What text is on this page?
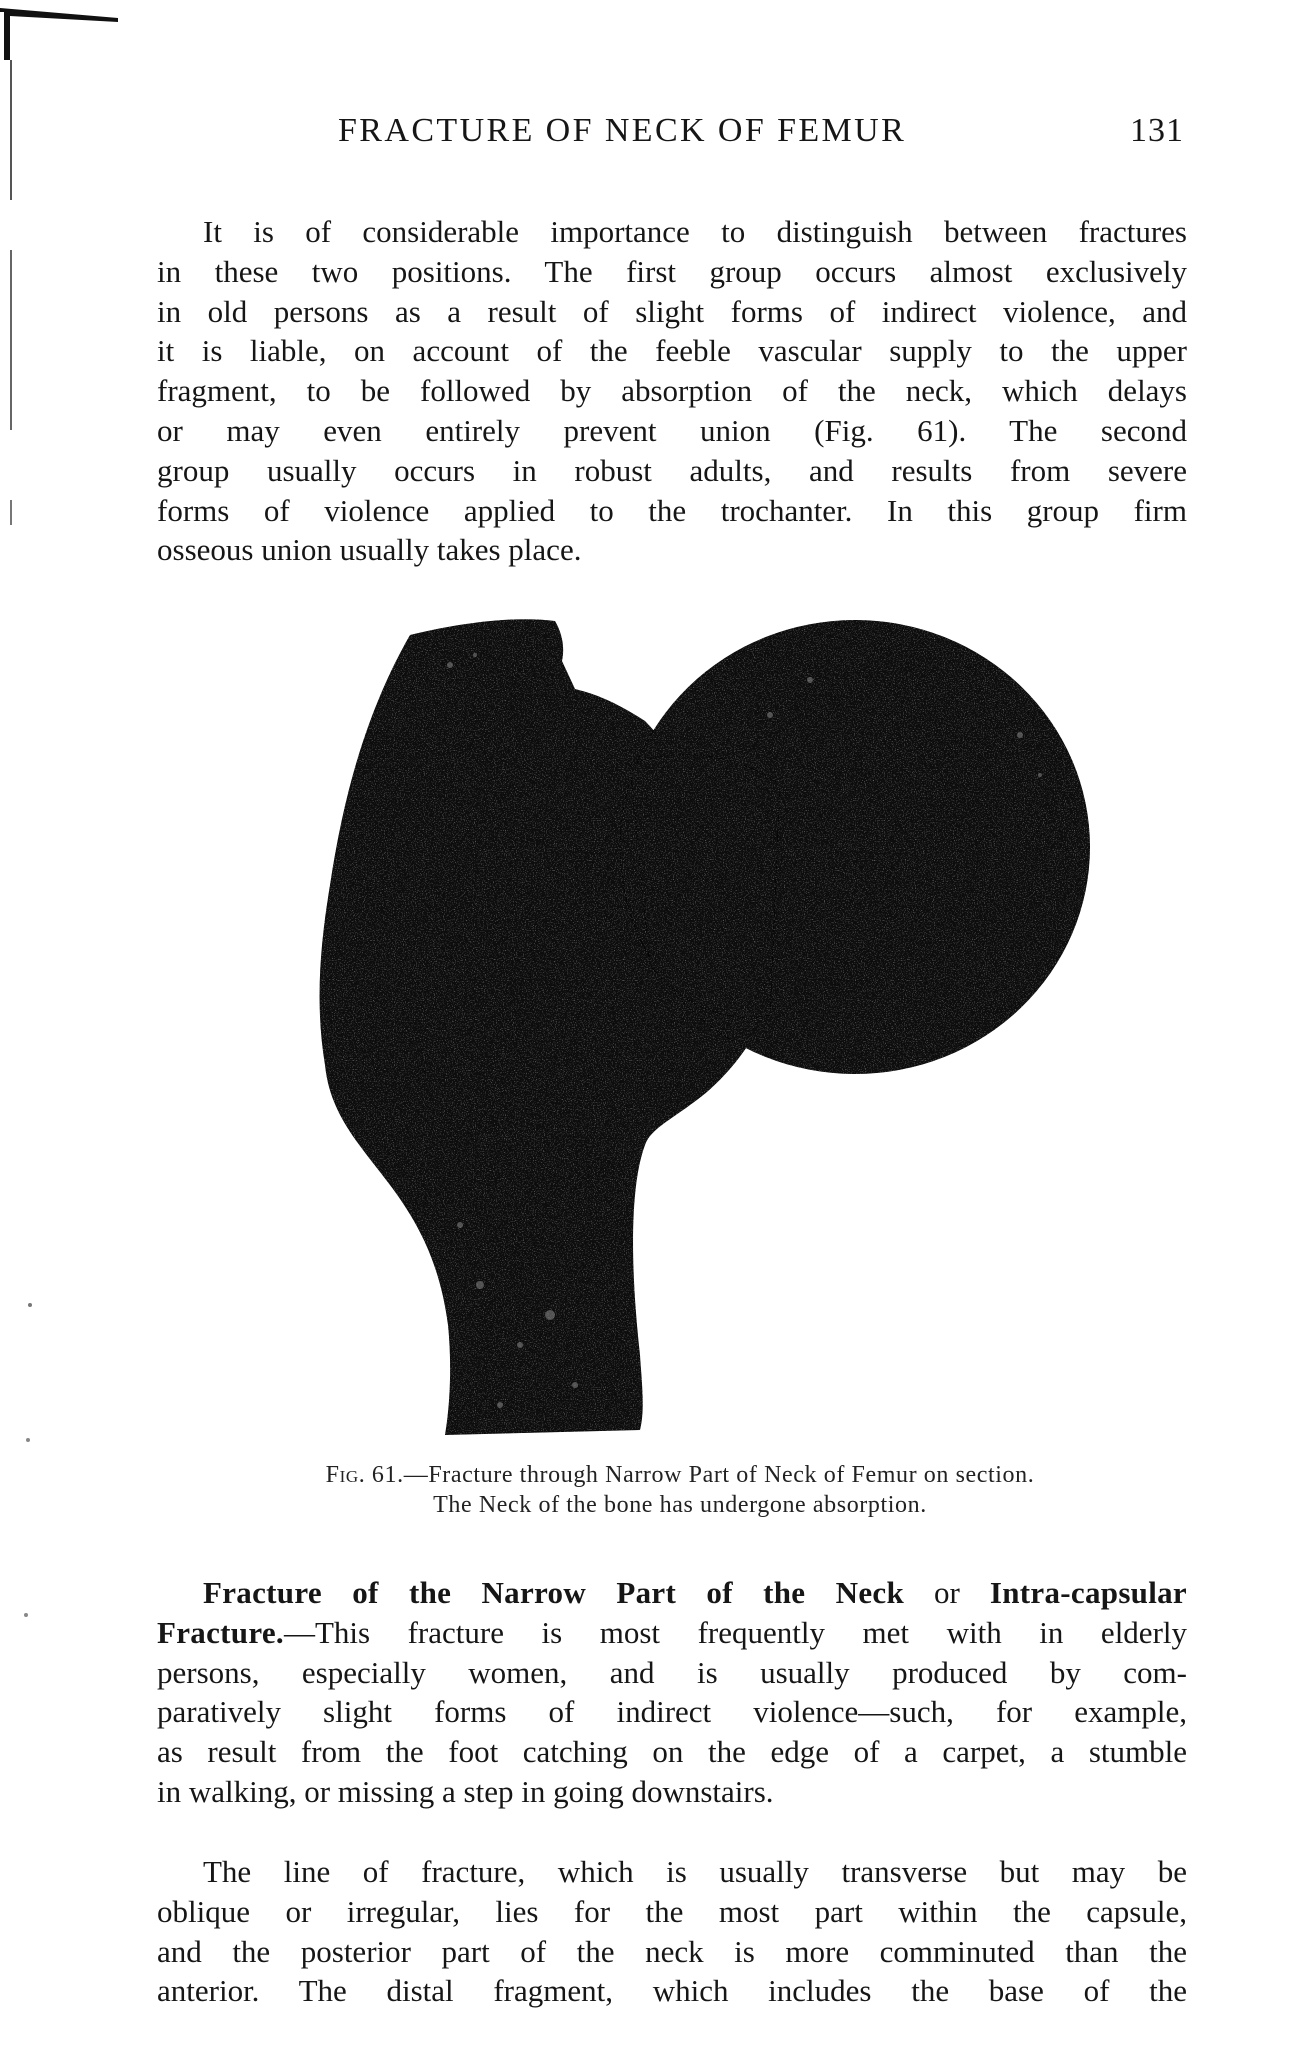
FRACTURE OF NECK OF FEMUR	131
It is of considerable importance to distinguish between fractures
in these two positions. The first group occurs almost exclusively
in old persons as a result of slight forms of indirect violence, and
it is liable, on account of the feeble vascular supply to the upper
fragment, to be followed by absorption of the neck, which delays
or may even entirely prevent union (Fig. 61). The second
group usually occurs in robust adults, and results from severe
forms of violence applied to the trochanter. In this group firm
osseous union usually takes place.
Fig. 61.—Fracture through Narrow Part of Neck of Femur on section.
The Neck of the bone has undergone absorption.
Fracture of the Narrow Part of the Neck or Intra-capsular
Fracture.—This fracture is most frequently met with in elderly
persons, especially women, and is usually produced by com-
paratively slight forms of indirect violence—such, for example,
as result from the foot catching on the edge of a carpet, a stumble
in walking, or missing a step in going downstairs.
The line of fracture, which is usually transverse but may be
oblique or irregular, lies for the most part within the capsule,
and the posterior part of the neck is more comminuted than the
anterior. The distal fragment, which includes the base of the
